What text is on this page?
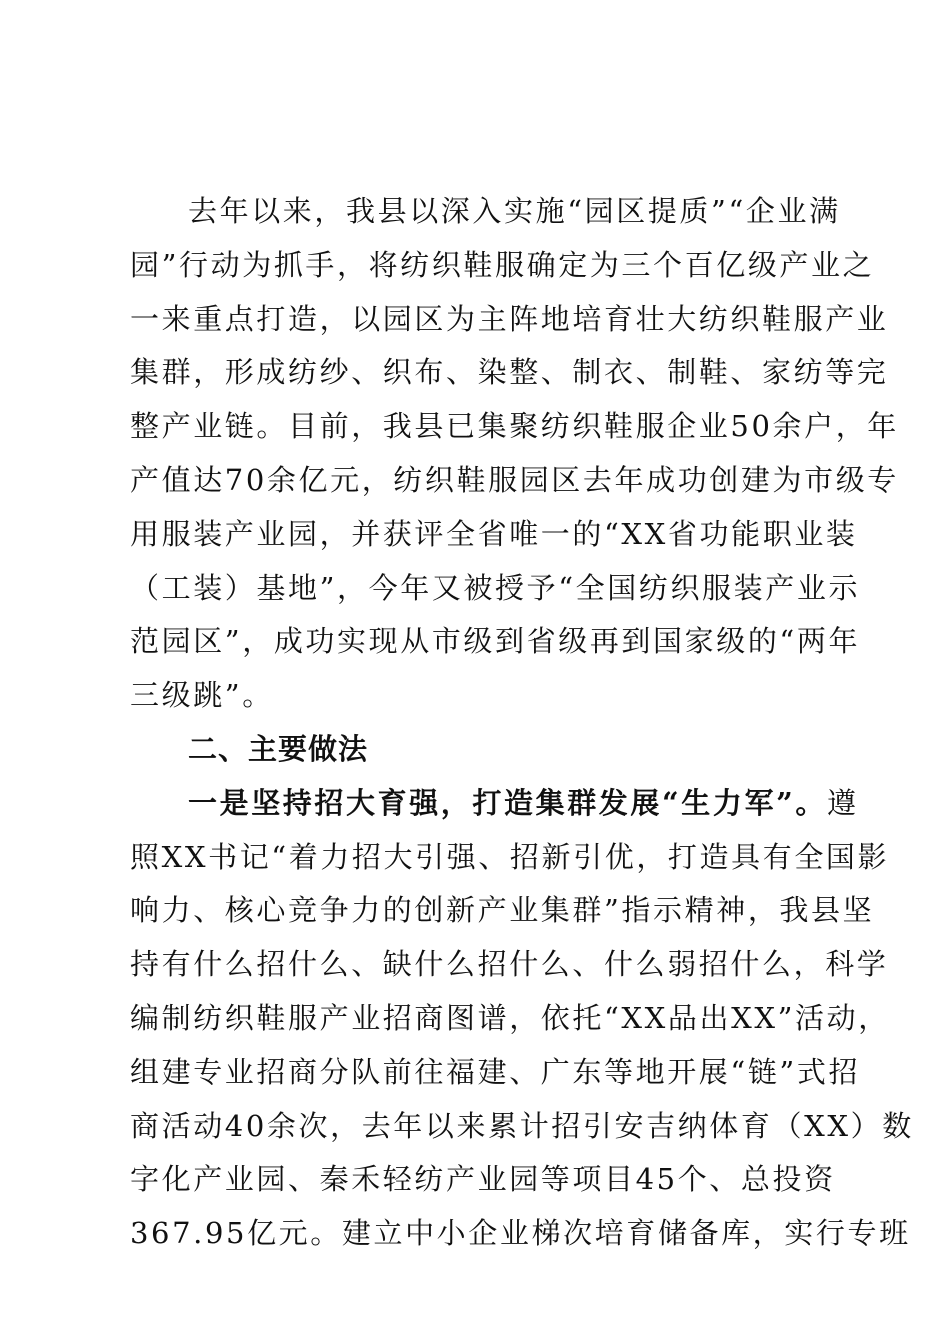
去年以来，我县以深入实施“园区提质”“企业满
园”行动为抓手，将纺织鞋服确定为三个百亿级产业之
一来重点打造，以园区为主阵地培育壮大纺织鞋服产业
集群，形成纺纱、织布、染整、制衣、制鞋、家纺等完
整产业链。目前，我县已集聚纺织鞋服企业50余户，年
产值达70余亿元，纺织鞋服园区去年成功创建为市级专
用服装产业园，并获评全省唯一的“XX省功能职业装
（工装）基地”，今年又被授予“全国纺织服装产业示
范园区”，成功实现从市级到省级再到国家级的“两年
三级跳”。
二、主要做法
一是坚持招大育强，打造集群发展“生力军”。遵
照XX书记“着力招大引强、招新引优，打造具有全国影
响力、核心竞争力的创新产业集群”指示精神，我县坚
持有什么招什么、缺什么招什么、什么弱招什么，科学
编制纺织鞋服产业招商图谱，依托“XX品出XX”活动，
组建专业招商分队前往福建、广东等地开展“链”式招
商活动40余次，去年以来累计招引安吉纳体育（XX）数
字化产业园、秦禾轻纺产业园等项目45个、总投资
367.95亿元。建立中小企业梯次培育储备库，实行专班
